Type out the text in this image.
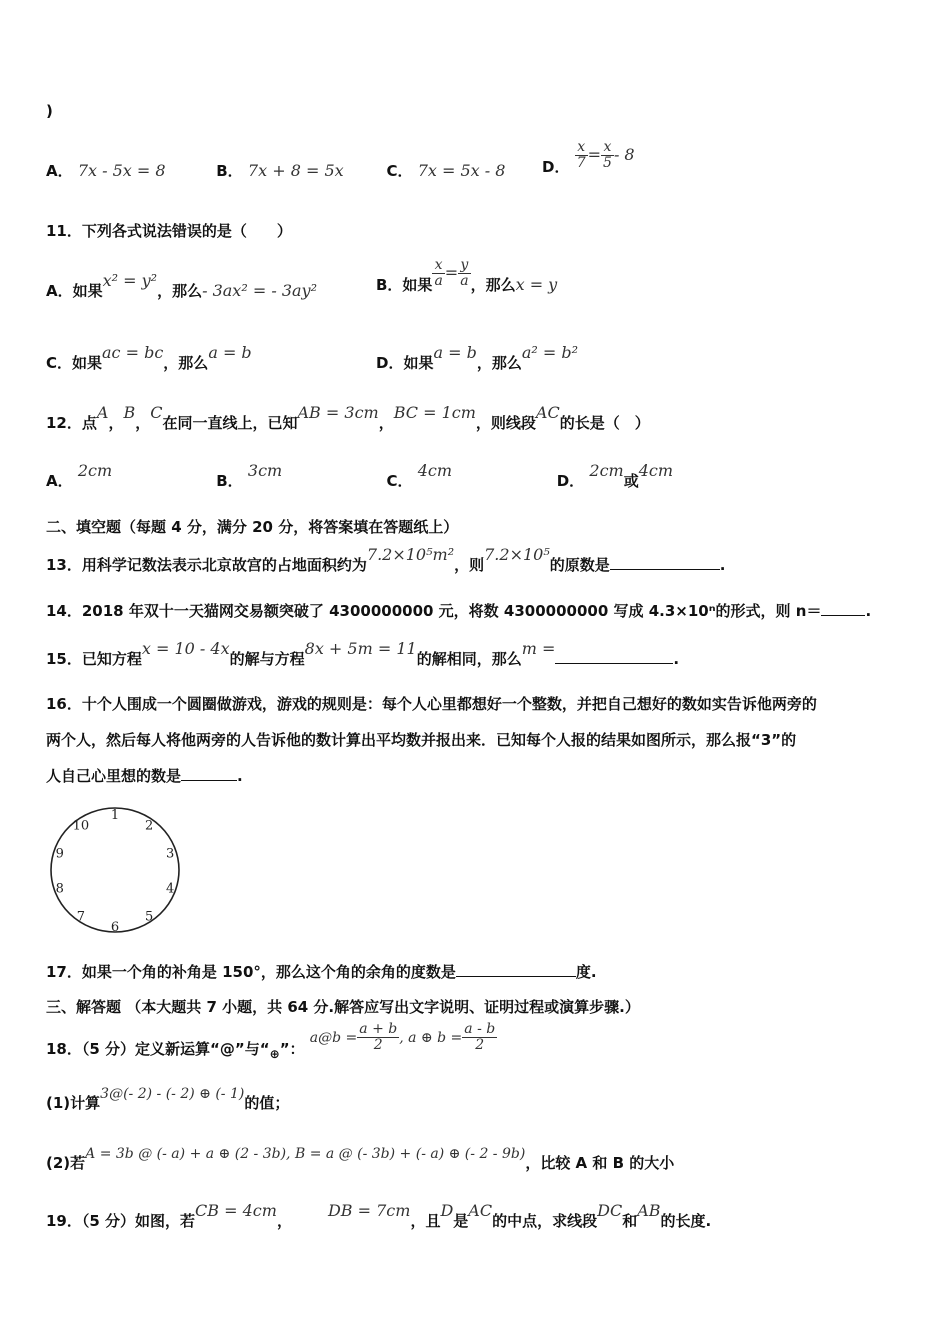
)
A． 7x - 5x = 8	B． 7x + 8 = 5x	C． 7x = 5x - 8	D． $\frac{x}{7} = \frac{x}{5} - 8$
11．下列各式说法错误的是（　　）
A．如果x² = y²，那么- 3ax² = - 3ay²	B．如果 $\frac{x}{a} = \frac{y}{a}$ ，那么x = y
C．如果ac = bc，那么a = b
D．如果a = b，那么a² = b²
12．点A，B，C在同一直线上，已知AB = 3cm，BC = 1cm，则线段AC的长是（　）
A． 2cm B． 3cm C． 4cm D． 2cm或4cm
二、填空题（每题 4 分，满分 20 分，将答案填在答题纸上）
13．用科学记数法表示北京故宫的占地面积约为7.2×10⁵m²，则7.2×10⁵的原数是	.
14．2018 年双十一天猫网交易额突破了 4300000000 元，将数 4300000000 写成 4.3×10ⁿ的形式，则 n＝	.
15．已知方程x = 10 - 4x的解与方程8x + 5m = 11的解相同，那么m =.
16．十个人围成一个圆圈做游戏，游戏的规则是：每个人心里都想好一个整数，并把自己想好的数如实告诉他两旁的
两个人，然后每人将他两旁的人告诉他的数计算出平均数并报出来．已知每个人报的结果如图所示，那么报“3”的
人自己心里想的数是	.
1
2
3
4
5
6
7
8
9
10
17．如果一个角的补角是 150°，那么这个角的余角的度数是	度.
三、解答题 （本大题共 7 小题，共 64 分.解答应写出文字说明、证明过程或演算步骤.）
18．（5 分）定义新运算“@”与“$_\oplus$”： a@b = $\frac{a + b}{2}$ , a ⊕ $b = \frac{a - b}{2}$
(1)计算3@(- 2) - (- 2) ⊕ (- 1)的值；
(2)若A = 3b @ (- a) + a ⊕ (2 - 3b), B = a @ (- 3b) + (- a) ⊕ (- 2 - 9b)，比较 A 和 B 的大小
19．（5 分）如图，若CB = 4cm，DB = 7cm，且D是AC的中点，求线段DC和AB的长度.
